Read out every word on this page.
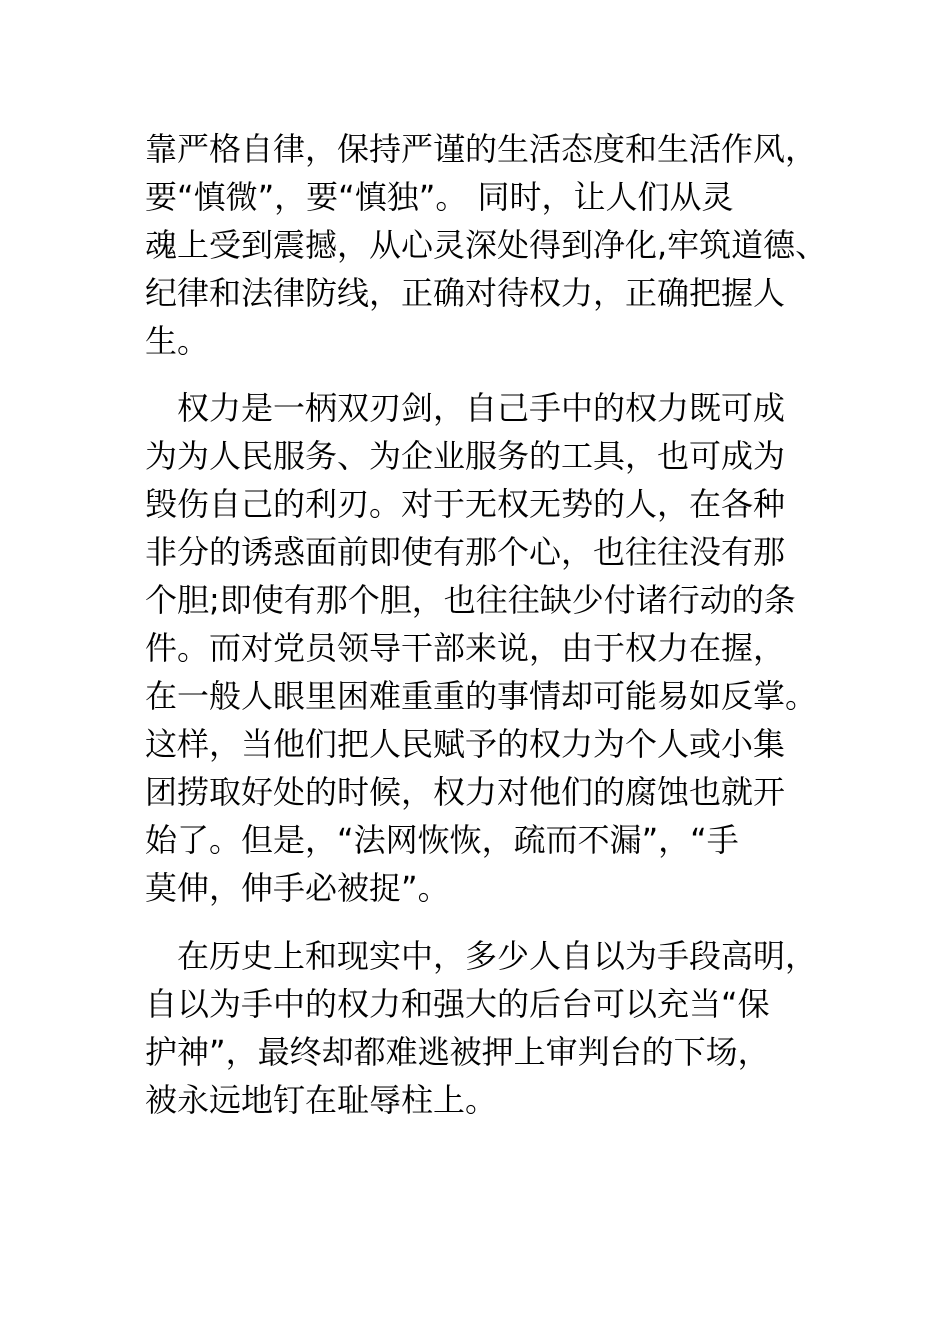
靠严格自律，保持严谨的生活态度和生活作风，
要“慎微”，要“慎独”。 同时，让人们从灵
魂上受到震撼，从心灵深处得到净化,牢筑道德、
纪律和法律防线，正确对待权力，正确把握人
生。
权力是一柄双刃剑，自己手中的权力既可成
为为人民服务、为企业服务的工具，也可成为
毁伤自己的利刃。对于无权无势的人，在各种
非分的诱惑面前即使有那个心，也往往没有那
个胆;即使有那个胆，也往往缺少付诸行动的条
件。而对党员领导干部来说，由于权力在握，
在一般人眼里困难重重的事情却可能易如反掌。
这样，当他们把人民赋予的权力为个人或小集
团捞取好处的时候，权力对他们的腐蚀也就开
始了。但是，“法网恢恢，疏而不漏”，“手
莫伸，伸手必被捉”。
在历史上和现实中，多少人自以为手段高明，
自以为手中的权力和强大的后台可以充当“保
护神”，最终却都难逃被押上审判台的下场，
被永远地钉在耻辱柱上。
